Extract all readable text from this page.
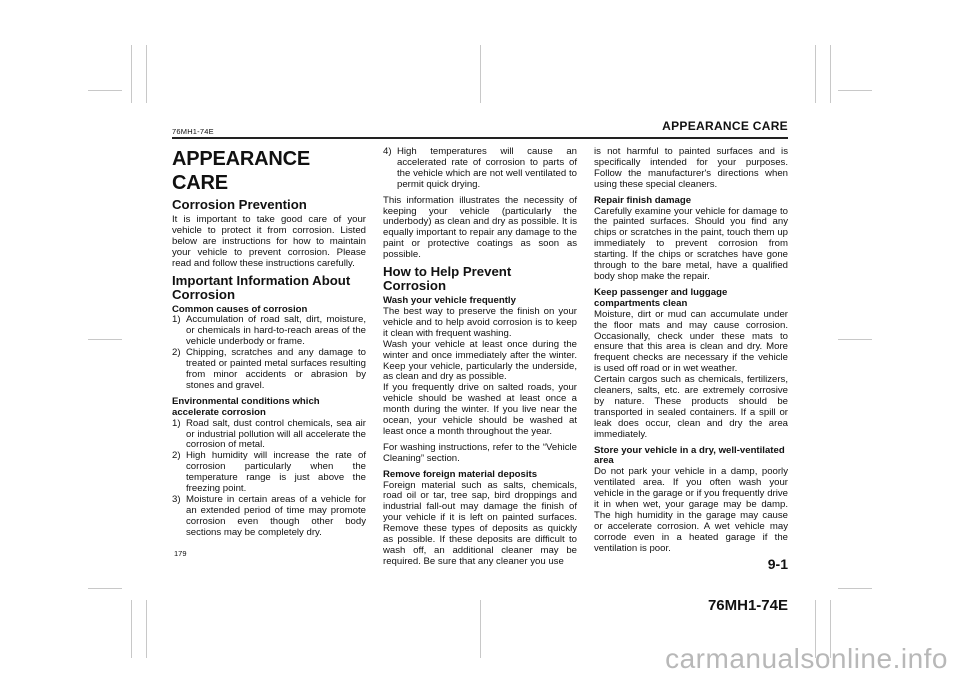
76MH1-74E	APPEARANCE CARE
APPEARANCE CARE
Corrosion Prevention
It is important to take good care of your vehicle to protect it from corrosion. Listed below are instructions for how to maintain your vehicle to prevent corrosion. Please read and follow these instructions carefully.
Important Information About Corrosion
Common causes of corrosion
1) Accumulation of road salt, dirt, moisture, or chemicals in hard-to-reach areas of the vehicle underbody or frame.
2) Chipping, scratches and any damage to treated or painted metal surfaces resulting from minor accidents or abrasion by stones and gravel.
Environmental conditions which accelerate corrosion
1) Road salt, dust control chemicals, sea air or industrial pollution will all accelerate the corrosion of metal.
2) High humidity will increase the rate of corrosion particularly when the temperature range is just above the freezing point.
3) Moisture in certain areas of a vehicle for an extended period of time may promote corrosion even though other body sections may be completely dry.
4) High temperatures will cause an accelerated rate of corrosion to parts of the vehicle which are not well ventilated to permit quick drying.
This information illustrates the necessity of keeping your vehicle (particularly the underbody) as clean and dry as possible. It is equally important to repair any damage to the paint or protective coatings as soon as possible.
How to Help Prevent Corrosion
Wash your vehicle frequently
The best way to preserve the finish on your vehicle and to help avoid corrosion is to keep it clean with frequent washing.
Wash your vehicle at least once during the winter and once immediately after the winter. Keep your vehicle, particularly the underside, as clean and dry as possible.
If you frequently drive on salted roads, your vehicle should be washed at least once a month during the winter. If you live near the ocean, your vehicle should be washed at least once a month throughout the year.
For washing instructions, refer to the “Vehicle Cleaning” section.
Remove foreign material deposits
Foreign material such as salts, chemicals, road oil or tar, tree sap, bird droppings and industrial fall-out may damage the finish of your vehicle if it is left on painted surfaces. Remove these types of deposits as quickly as possible. If these deposits are difficult to wash off, an additional cleaner may be required. Be sure that any cleaner you use
is not harmful to painted surfaces and is specifically intended for your purposes. Follow the manufacturer's directions when using these special cleaners.
Repair finish damage
Carefully examine your vehicle for damage to the painted surfaces. Should you find any chips or scratches in the paint, touch them up immediately to prevent corrosion from starting. If the chips or scratches have gone through to the bare metal, have a qualified body shop make the repair.
Keep passenger and luggage compartments clean
Moisture, dirt or mud can accumulate under the floor mats and may cause corrosion. Occasionally, check under these mats to ensure that this area is clean and dry. More frequent checks are necessary if the vehicle is used off road or in wet weather.
Certain cargos such as chemicals, fertilizers, cleaners, salts, etc. are extremely corrosive by nature. These products should be transported in sealed containers. If a spill or leak does occur, clean and dry the area immediately.
Store your vehicle in a dry, well-ventilated area
Do not park your vehicle in a damp, poorly ventilated area. If you often wash your vehicle in the garage or if you frequently drive it in when wet, your garage may be damp. The high humidity in the garage may cause or accelerate corrosion. A wet vehicle may corrode even in a heated garage if the ventilation is poor.
179
9-1
76MH1-74E
carmanualsonline.info
